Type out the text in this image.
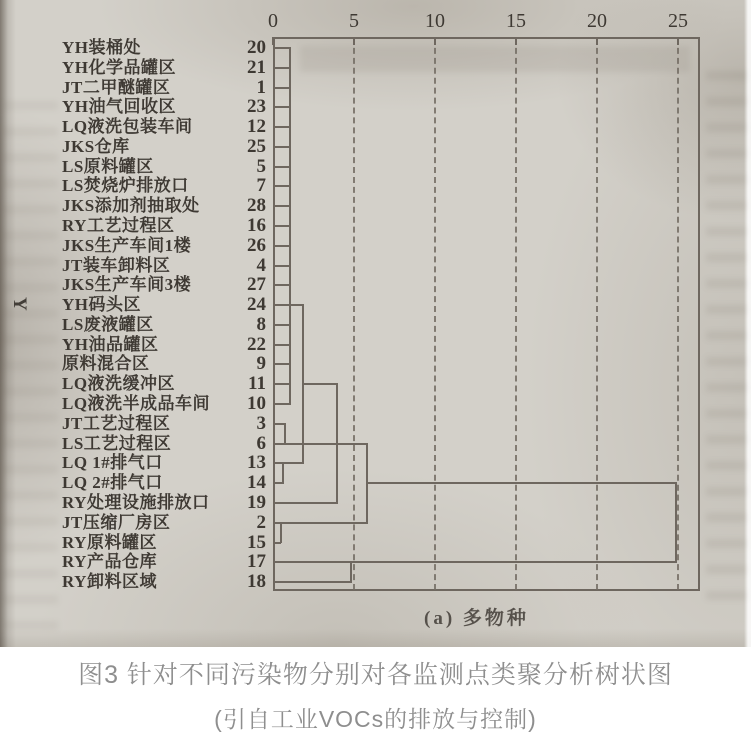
Y
(a) 多物种
0	5	10	15	20	25
YH装桶处	20
YH化学品罐区	21
JT二甲醚罐区	1
YH油气回收区	23
LQ液洗包装车间	12
JKS仓库	25
LS原料罐区	5
LS焚烧炉排放口	7
JKS添加剂抽取处	28
RY工艺过程区	16
JKS生产车间1楼	26
JT装车卸料区	4
JKS生产车间3楼	27
YH码头区	24
LS废液罐区	8
YH油品罐区	22
原料混合区	9
LQ液洗缓冲区	11
LQ液洗半成品车间	10
JT工艺过程区	3
LS工艺过程区	6
LQ 1#排气口	13
LQ 2#排气口	14
RY处理设施排放口	19
JT压缩厂房区	2
RY原料罐区	15
RY产品仓库	17
RY卸料区域	18
图3 针对不同污染物分别对各监测点类聚分析树状图
(引自工业VOCs的排放与控制)
